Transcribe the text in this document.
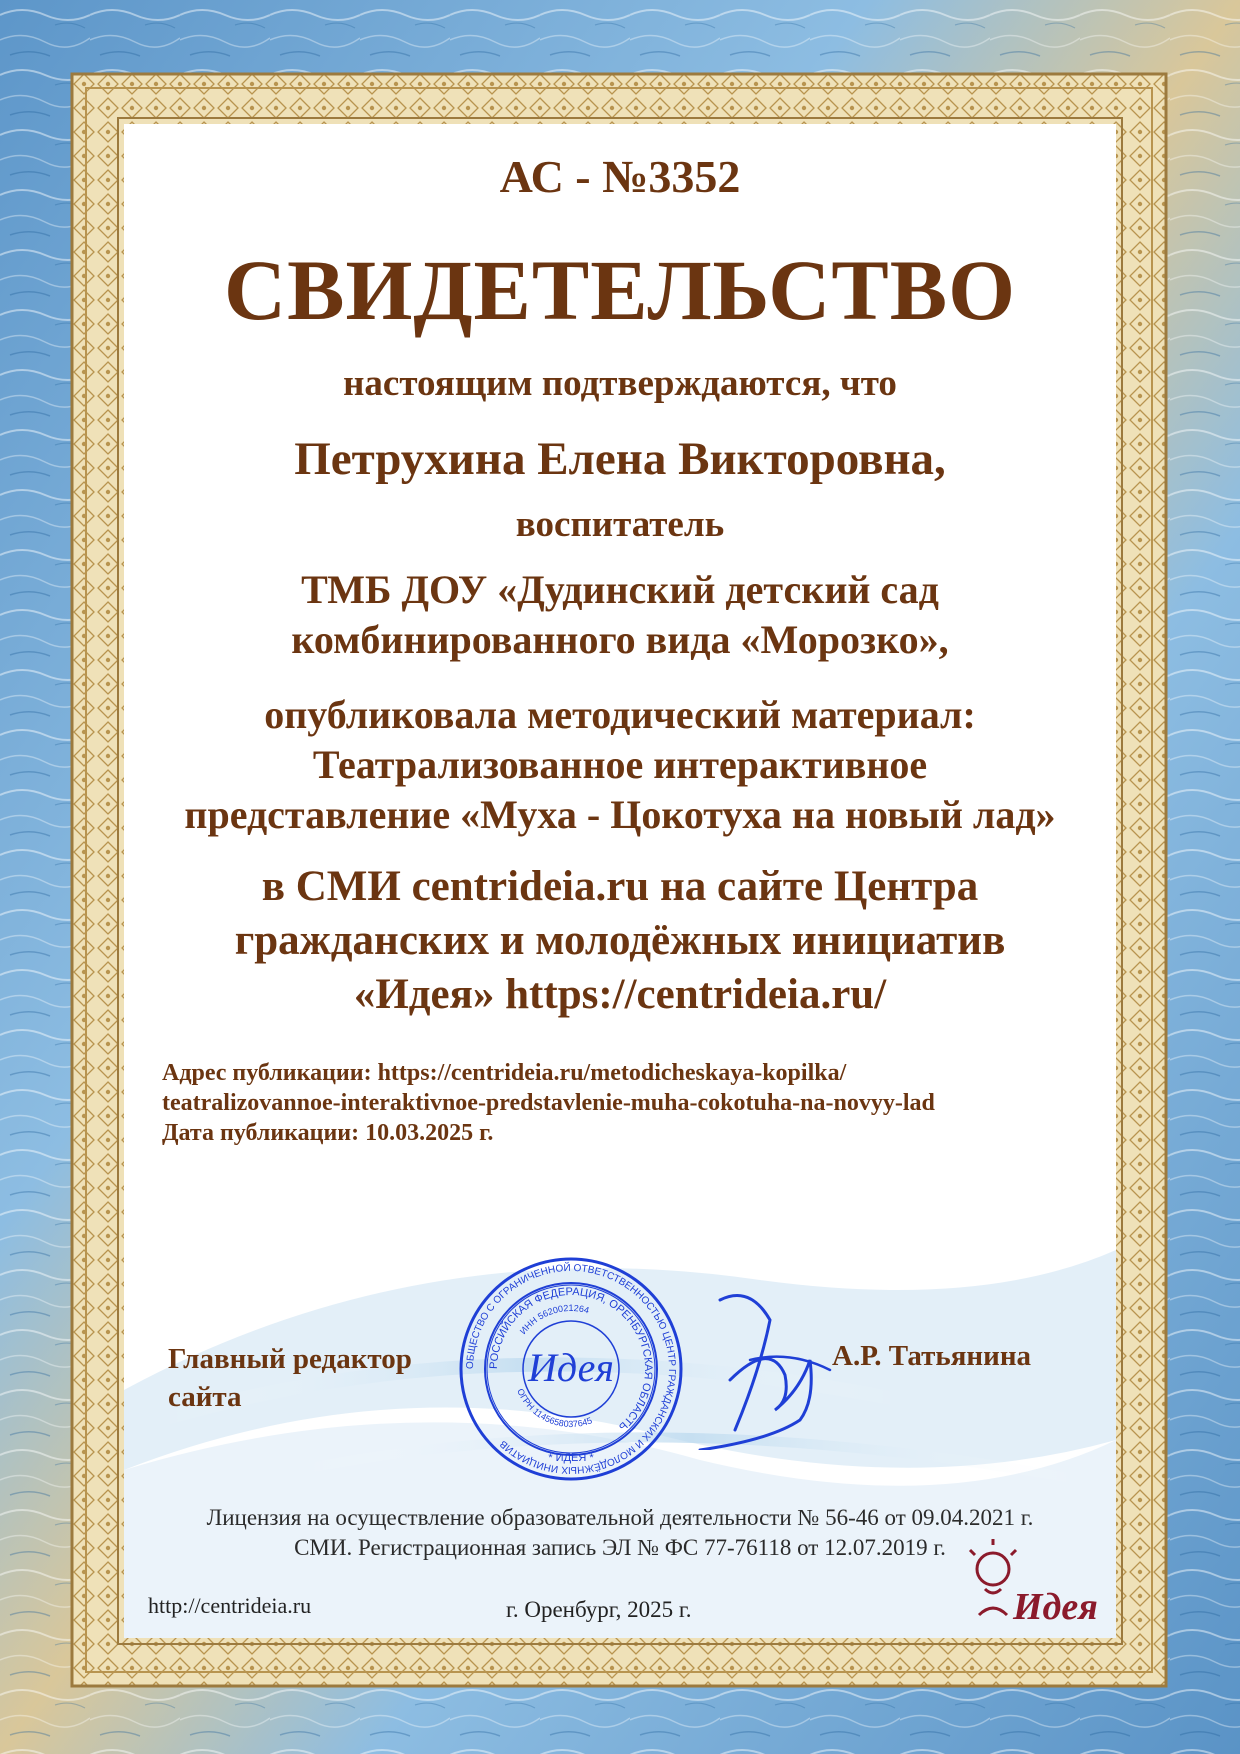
АС - №3352
СВИДЕТЕЛЬСТВО
настоящим подтверждаются, что
Петрухина Елена Викторовна,
воспитатель
ТМБ ДОУ «Дудинский детский сад
комбинированного вида «Морозко»,
опубликовала методический материал:
Театрализованное интерактивное
представление «Муха - Цокотуха на новый лад»
в СМИ centrideia.ru на сайте Центра
гражданских и молодёжных инициатив
«Идея» https://centrideia.ru/
Адрес публикации: https://centrideia.ru/metodicheskaya-kopilka/
teatralizovannoe-interaktivnoe-predstavlenie-muha-cokotuha-na-novyy-lad
Дата публикации: 10.03.2025 г.
Главный редактор
сайта
А.Р. Татьянина
ОБЩЕСТВО С ОГРАНИЧЕННОЙ ОТВЕТСТВЕННОСТЬЮ ЦЕНТР ГРАЖДАНСКИХ И МОЛОДЁЖНЫХ ИНИЦИАТИВ
РОССИЙСКАЯ ФЕДЕРАЦИЯ, ОРЕНБУРГСКАЯ ОБЛАСТЬ
ИНН 5620021264
ОГРН 1145658037645
* ИДЕЯ *
Идея
Лицензия на осуществление образовательной деятельности № 56-46 от 09.04.2021 г.
СМИ. Регистрационная запись ЭЛ № ФС 77-76118 от 12.07.2019 г.
http://centrideia.ru	г. Оренбург, 2025 г.	Идея
